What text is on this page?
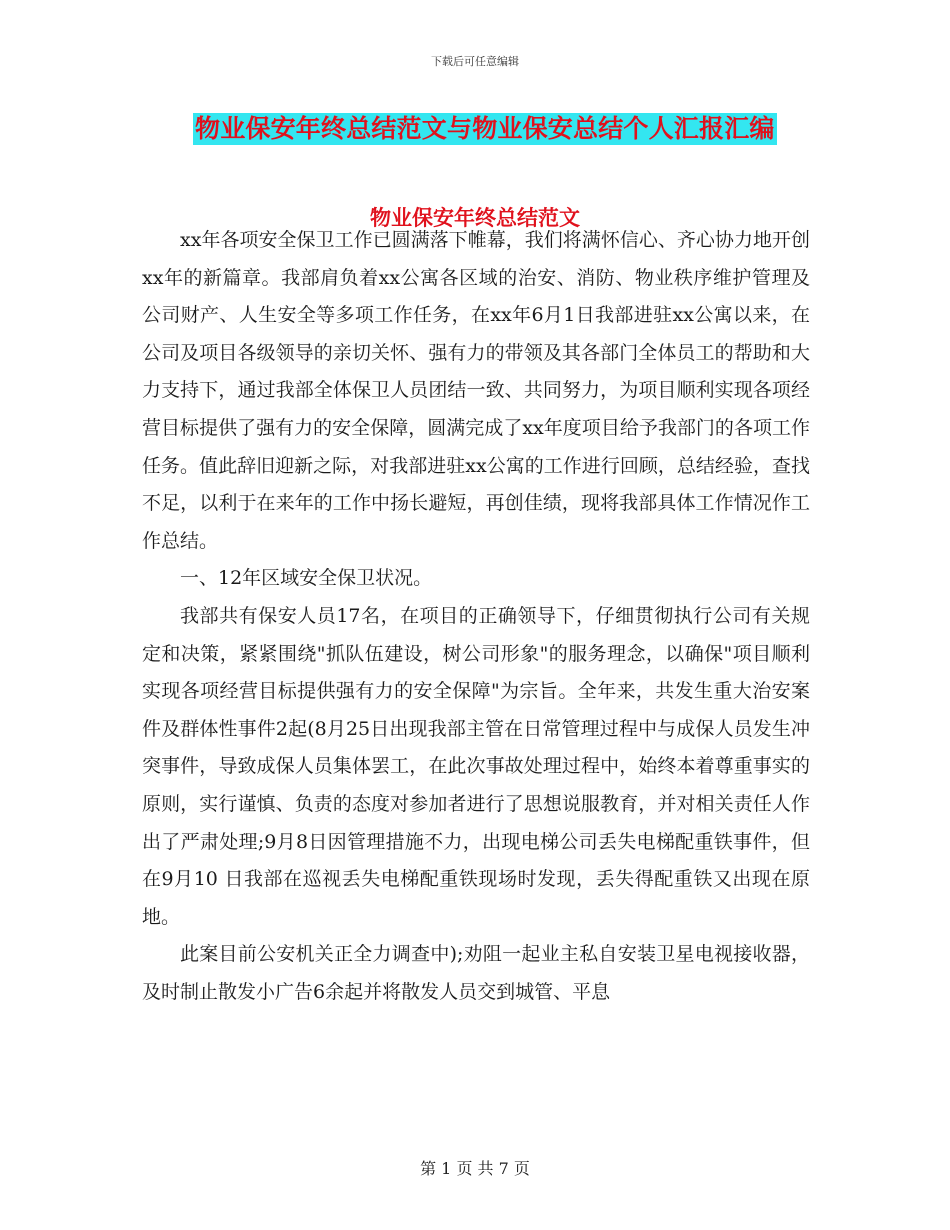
下载后可任意编辑
物业保安年终总结范文与物业保安总结个人汇报汇编
物业保安年终总结范文

xx年各项安全保卫工作已圆满落下帷幕，我们将满怀信心、齐心协力地开创xx年的新篇章。我部肩负着xx公寓各区域的治安、消防、物业秩序维护管理及公司财产、人生安全等多项工作任务，在xx年6月1日我部进驻xx公寓以来，在公司及项目各级领导的亲切关怀、强有力的带领及其各部门全体员工的帮助和大力支持下，通过我部全体保卫人员团结一致、共同努力，为项目顺利实现各项经营目标提供了强有力的安全保障，圆满完成了xx年度项目给予我部门的各项工作任务。值此辞旧迎新之际，对我部进驻xx公寓的工作进行回顾，总结经验，查找不足，以利于在来年的工作中扬长避短，再创佳绩，现将我部具体工作情况作工作总结。

一、12年区域安全保卫状况。

我部共有保安人员17名，在项目的正确领导下，仔细贯彻执行公司有关规定和决策，紧紧围绕"抓队伍建设，树公司形象"的服务理念，以确保"项目顺利实现各项经营目标提供强有力的安全保障"为宗旨。全年来，共发生重大治安案件及群体性事件2起(8月25日出现我部主管在日常管理过程中与成保人员发生冲突事件，导致成保人员集体罢工，在此次事故处理过程中，始终本着尊重事实的原则，实行谨慎、负责的态度对参加者进行了思想说服教育，并对相关责任人作出了严肃处理;9月8日因管理措施不力，出现电梯公司丢失电梯配重铁事件，但在9月10 日我部在巡视丢失电梯配重铁现场时发现，丢失得配重铁又出现在原地。

此案目前公安机关正全力调查中);劝阻一起业主私自安装卫星电视接收器，及时制止散发小广告6余起并将散发人员交到城管、平息

第 1 页 共 7 页
